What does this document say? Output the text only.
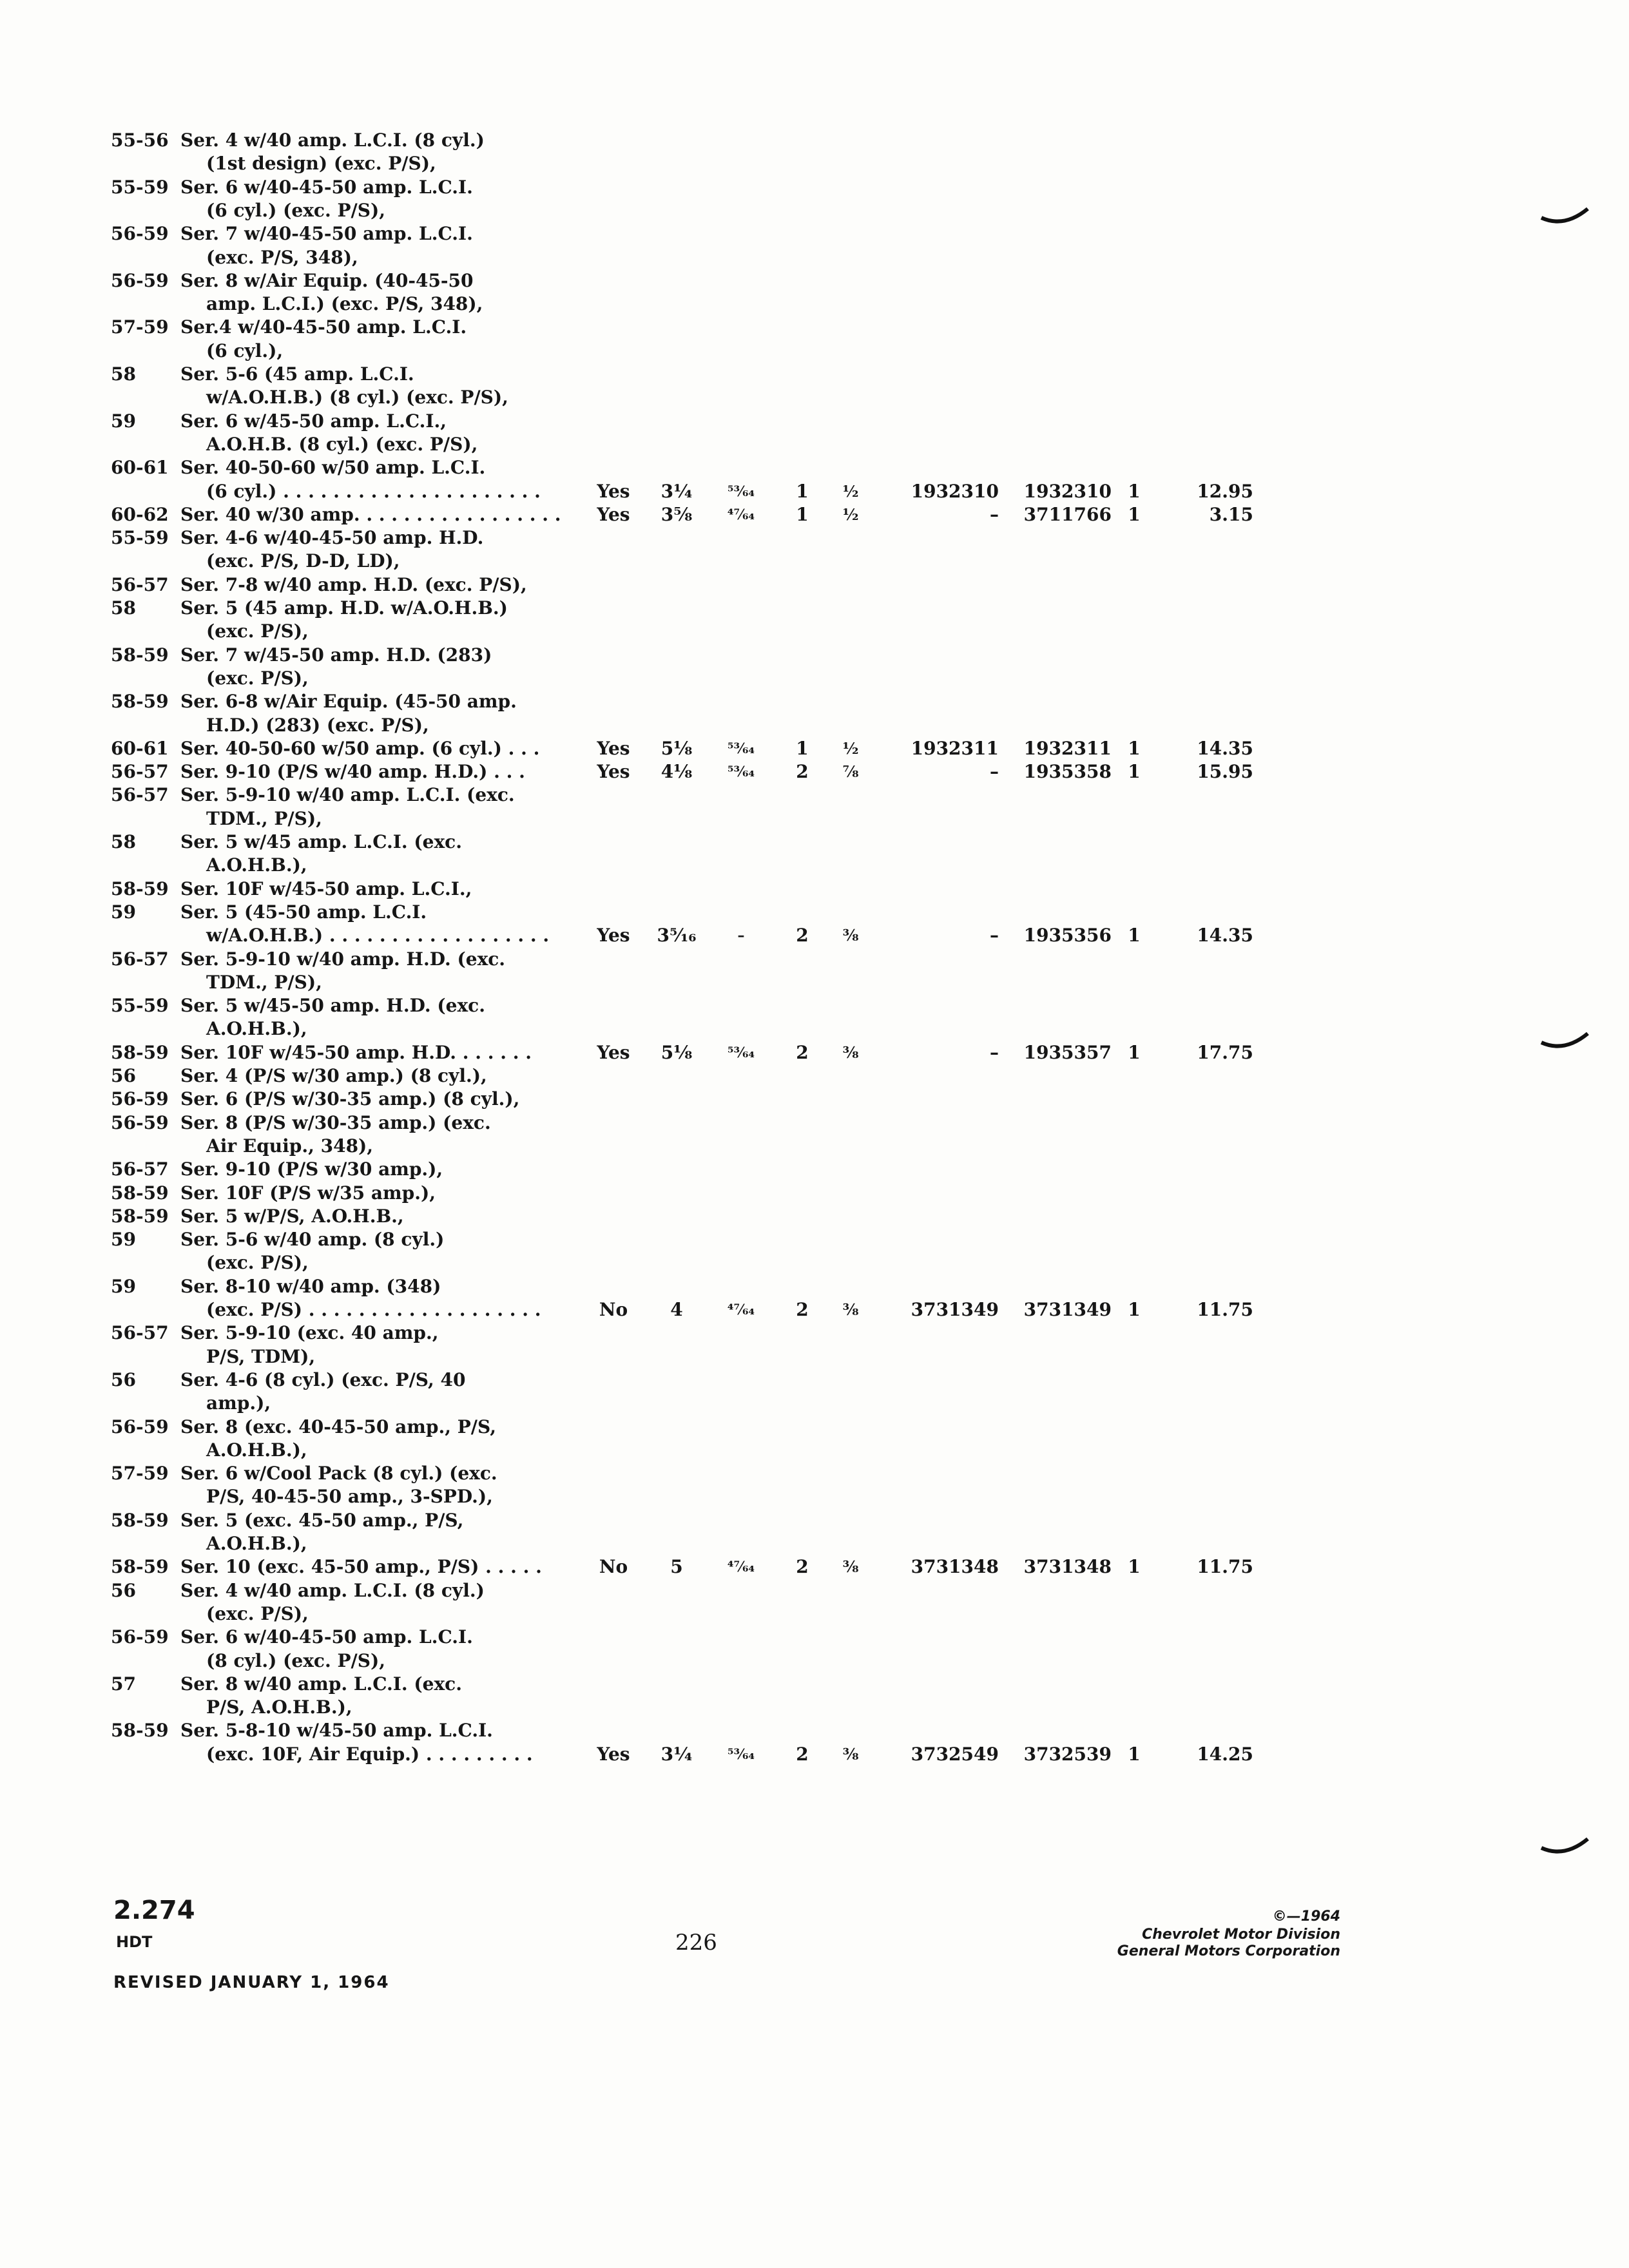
55-56 Ser. 4 w/40 amp. L.C.I. (8 cyl.)
(1st design) (exc. P/S),
55-59 Ser. 6 w/40-45-50 amp. L.C.I.
(6 cyl.) (exc. P/S),
56-59 Ser. 7 w/40-45-50 amp. L.C.I.
(exc. P/S, 348),
56-59 Ser. 8 w/Air Equip. (40-45-50
amp. L.C.I.) (exc. P/S, 348),
57-59 Ser.4 w/40-45-50 amp. L.C.I.
(6 cyl.),
58 Ser. 5-6 (45 amp. L.C.I.
w/A.O.H.B.) (8 cyl.) (exc. P/S),
59 Ser. 6 w/45-50 amp. L.C.I.,
A.O.H.B. (8 cyl.) (exc. P/S),
60-61 Ser. 40-50-60 w/50 amp. L.C.I.
(6 cyl.) . . . . . . . . . . . . . . . . . . . . .	Yes	3¼	⁵³⁄₆₄	1	½	1932310	1932310 1	12.95
60-62 Ser. 40 w/30 amp. . . . . . . . . . . . . . . . .	Yes	3⅝	⁴⁷⁄₆₄	1	½	–	3711766 1	3.15
55-59 Ser. 4-6 w/40-45-50 amp. H.D.
(exc. P/S, D-D, LD),
56-57 Ser. 7-8 w/40 amp. H.D. (exc. P/S),
58 Ser. 5 (45 amp. H.D. w/A.O.H.B.)
(exc. P/S),
58-59 Ser. 7 w/45-50 amp. H.D. (283)
(exc. P/S),
58-59 Ser. 6-8 w/Air Equip. (45-50 amp.
H.D.) (283) (exc. P/S),
60-61 Ser. 40-50-60 w/50 amp. (6 cyl.) . . .	Yes	5⅛	⁵³⁄₆₄	1	½	1932311	1932311 1	14.35
56-57 Ser. 9-10 (P/S w/40 amp. H.D.) . . .	Yes	4⅛	⁵³⁄₆₄	2	⅞	–	1935358 1	15.95
56-57 Ser. 5-9-10 w/40 amp. L.C.I. (exc.
TDM., P/S),
58 Ser. 5 w/45 amp. L.C.I. (exc.
A.O.H.B.),
58-59 Ser. 10F w/45-50 amp. L.C.I.,
59 Ser. 5 (45-50 amp. L.C.I.
w/A.O.H.B.) . . . . . . . . . . . . . . . . . .	Yes	3⁵⁄₁₆	–	2	⅜	–	1935356 1	14.35
56-57 Ser. 5-9-10 w/40 amp. H.D. (exc.
TDM., P/S),
55-59 Ser. 5 w/45-50 amp. H.D. (exc.
A.O.H.B.),
58-59 Ser. 10F w/45-50 amp. H.D. . . . . . .	Yes	5⅛	⁵³⁄₆₄	2	⅜	–	1935357 1	17.75
56 Ser. 4 (P/S w/30 amp.) (8 cyl.),
56-59 Ser. 6 (P/S w/30-35 amp.) (8 cyl.),
56-59 Ser. 8 (P/S w/30-35 amp.) (exc.
Air Equip., 348),
56-57 Ser. 9-10 (P/S w/30 amp.),
58-59 Ser. 10F (P/S w/35 amp.),
58-59 Ser. 5 w/P/S, A.O.H.B.,
59 Ser. 5-6 w/40 amp. (8 cyl.)
(exc. P/S),
59 Ser. 8-10 w/40 amp. (348)
(exc. P/S) . . . . . . . . . . . . . . . . . . .	No	4	⁴⁷⁄₆₄	2	⅜	3731349	3731349 1	11.75
56-57 Ser. 5-9-10 (exc. 40 amp.,
P/S, TDM),
56 Ser. 4-6 (8 cyl.) (exc. P/S, 40
amp.),
56-59 Ser. 8 (exc. 40-45-50 amp., P/S,
A.O.H.B.),
57-59 Ser. 6 w/Cool Pack (8 cyl.) (exc.
P/S, 40-45-50 amp., 3-SPD.),
58-59 Ser. 5 (exc. 45-50 amp., P/S,
A.O.H.B.),
58-59 Ser. 10 (exc. 45-50 amp., P/S) . . . . .	No	5	⁴⁷⁄₆₄	2	⅜	3731348	3731348 1	11.75
56 Ser. 4 w/40 amp. L.C.I. (8 cyl.)
(exc. P/S),
56-59 Ser. 6 w/40-45-50 amp. L.C.I.
(8 cyl.) (exc. P/S),
57 Ser. 8 w/40 amp. L.C.I. (exc.
P/S, A.O.H.B.),
58-59 Ser. 5-8-10 w/45-50 amp. L.C.I.
(exc. 10F, Air Equip.) . . . . . . . . .	Yes	3¼	⁵³⁄₆₄	2	⅜	3732549	3732539 1	14.25
2.274
HDT	226
REVISED JANUARY 1, 1964
©—1964
Chevrolet Motor Division
General Motors Corporation
